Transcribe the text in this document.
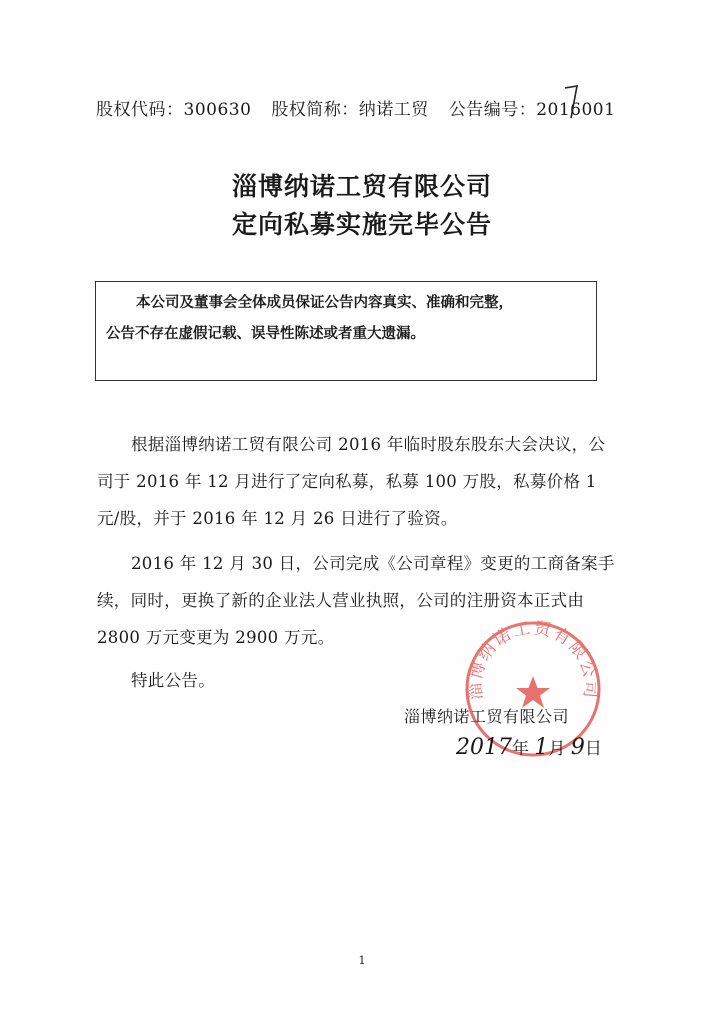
股权代码：300630 股权简称：纳诺工贸 公告编号：2016001
淄博纳诺工贸有限公司
定向私募实施完毕公告
本公司及董事会全体成员保证公告内容真实、准确和完整，
公告不存在虚假记载、误导性陈述或者重大遗漏。

根据淄博纳诺工贸有限公司 2016 年临时股东股东大会决议，公司于 2016 年 12 月进行了定向私募，私募 100 万股，私募价格 1 元/股，并于 2016 年 12 月 26 日进行了验资。

2016 年 12 月 30 日，公司完成《公司章程》变更的工商备案手续，同时，更换了新的企业法人营业执照，公司的注册资本正式由 2800 万元变更为 2900 万元。

特此公告。	淄博纳诺工贸有限公司
淄博纳诺工贸有限公司
2017年 1月 9日
1
